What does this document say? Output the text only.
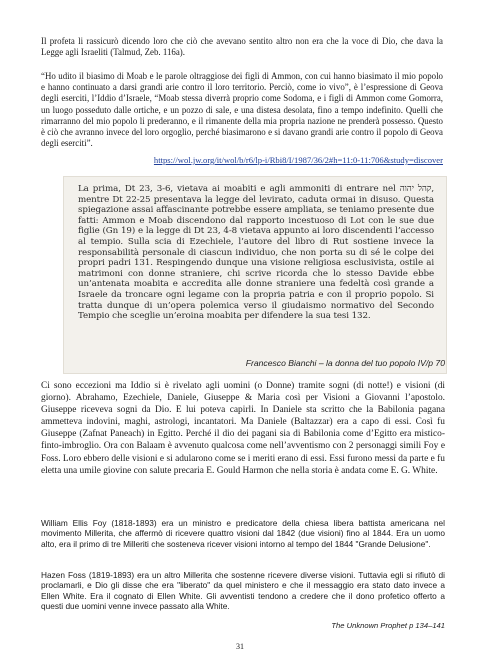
Il profeta li rassicurò dicendo loro che ciò che avevano sentito altro non era che la voce di Dio, che dava la Legge agli Israeliti (Talmud, Zeb. 116a).

“Ho udito il biasimo di Moab e le parole oltraggiose dei figli di Ammon, con cui hanno biasimato il mio popolo e hanno continuato a darsi grandi arie contro il loro territorio. Perciò, come io vivo”, è l’espressione di Geova degli eserciti, l’Iddio d’Israele, “Moab stessa diverrà proprio come Sodoma, e i figli di Ammon come Gomorra, un luogo posseduto dalle ortiche, e un pozzo di sale, e una distesa desolata, fino a tempo indefinito. Quelli che rimarranno del mio popolo li prederanno, e il rimanente della mia propria nazione ne prenderà possesso. Questo è ciò che avranno invece del loro orgoglio, perché biasimarono e si davano grandi arie contro il popolo di Geova degli eserciti”.

https://wol.jw.org/it/wol/b/r6/lp-i/Rbi8/I/1987/36/2#h=11:0-11:706&study=discover

La prima, Dt 23, 3-6, vietava ai moabiti e agli ammoniti di entrare nel קהל יהוה, mentre Dt 22-25 presentava la legge del levirato, caduta ormai in disuso. Questa spiegazione assai affascinante potrebbe essere ampliata, se teniamo presente due fatti: Ammon e Moab discendono dal rapporto incestuoso di Lot con le sue due figlie (Gn 19) e la legge di Dt 23, 4-8 vietava appunto ai loro discendenti l’accesso al tempio. Sulla scia di Ezechiele, l’autore del libro di Rut sostiene invece la responsabilità personale di ciascun individuo, che non porta su di sé le colpe dei propri padri 131. Respingendo dunque una visione religiosa esclusivista, ostile ai matrimoni con donne straniere, chi scrive ricorda che lo stesso Davide ebbe un’antenata moabita e accredita alle donne straniere una fedeltà così grande a Israele da troncare ogni legame con la propria patria e con il proprio popolo. Si tratta dunque di un’opera polemica verso il giudaismo normativo del Secondo Tempio che sceglie un’eroina moabita per difendere la sua tesi 132.

Francesco Bianchi – la donna del tuo popolo IV/p 70

Ci sono eccezioni ma Iddio si è rivelato agli uomini (o Donne) tramite sogni (di notte!) e visioni (di giorno). Abrahamo, Ezechiele, Daniele, Giuseppe & Maria così per Visioni a Giovanni l’apostolo. Giuseppe riceveva sogni da Dio. E lui poteva capirli. In Daniele sta scritto che la Babilonia pagana ammetteva indovini, maghi, astrologi, incantatori. Ma Daniele (Baltazzar) era a capo di essi. Così fu Giuseppe (Zafnat Paneach) in Egitto. Perché il dio dei pagani sia di Babilonia come d’Egitto era mistico-finto-imbroglio. Ora con Balaam è avvenuto qualcosa come nell’avventismo con 2 personaggi simili Foy e Foss. Loro ebbero delle visioni e si adularono come se i meriti erano di essi. Essi furono messi da parte e fu eletta una umile giovine con salute precaria E. Gould Harmon che nella storia è andata come E. G. White.

William Ellis Foy (1818-1893) era un ministro e predicatore della chiesa libera battista americana nel movimento Millerita, che affermò di ricevere quattro visioni dal 1842 (due visioni) fino al 1844. Era un uomo alto, era il primo di tre Milleriti che sosteneva ricever visioni intorno al tempo del 1844 "Grande Delusione".

Hazen Foss (1819-1893) era un altro Millerita che sostenne ricevere diverse visioni. Tuttavia egli si rifiutò di proclamarli, e Dio gli disse che era "liberato" da quel ministero e che il messaggio era stato dato invece a Ellen White. Era il cognato di Ellen White. Gli avventisti tendono a credere che il dono profetico offerto a questi due uomini venne invece passato alla White.

The Unknown Prophet p 134–141
31
